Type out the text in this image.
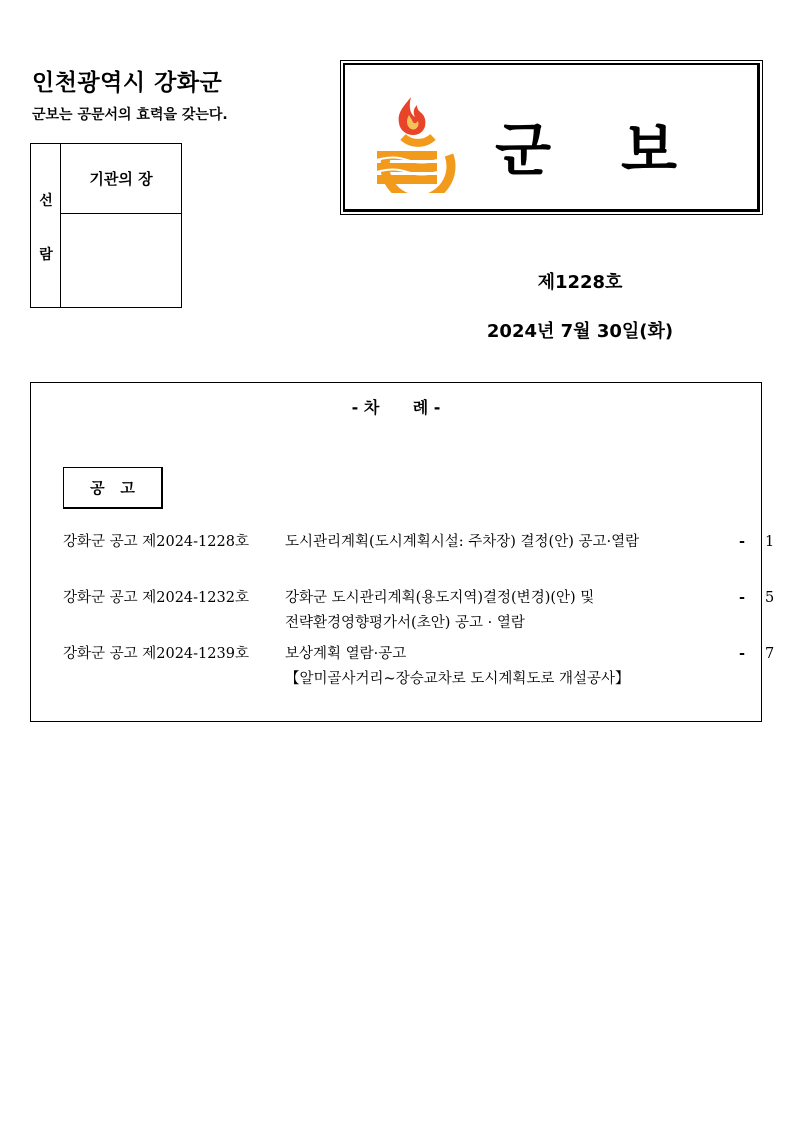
인천광역시 강화군
군보는 공문서의 효력을 갖는다.
선
람
기관의 장	군보
제1228호
2024년 7월 30일(화)
- 차      례 -
공   고
강화군 공고 제2024-1228호 도시관리계획(도시계획시설: 주차장) 결정(안) 공고·열람	- 1
강화군 공고 제2024-1232호 강화군 도시관리계획(용도지역)결정(변경)(안) 및
전략환경영향평가서(초안) 공고 · 열람
- 5
강화군 공고 제2024-1239호 보상계획 열람·공고
【알미골사거리~장승교차로 도시계획도로 개설공사】
- 7
